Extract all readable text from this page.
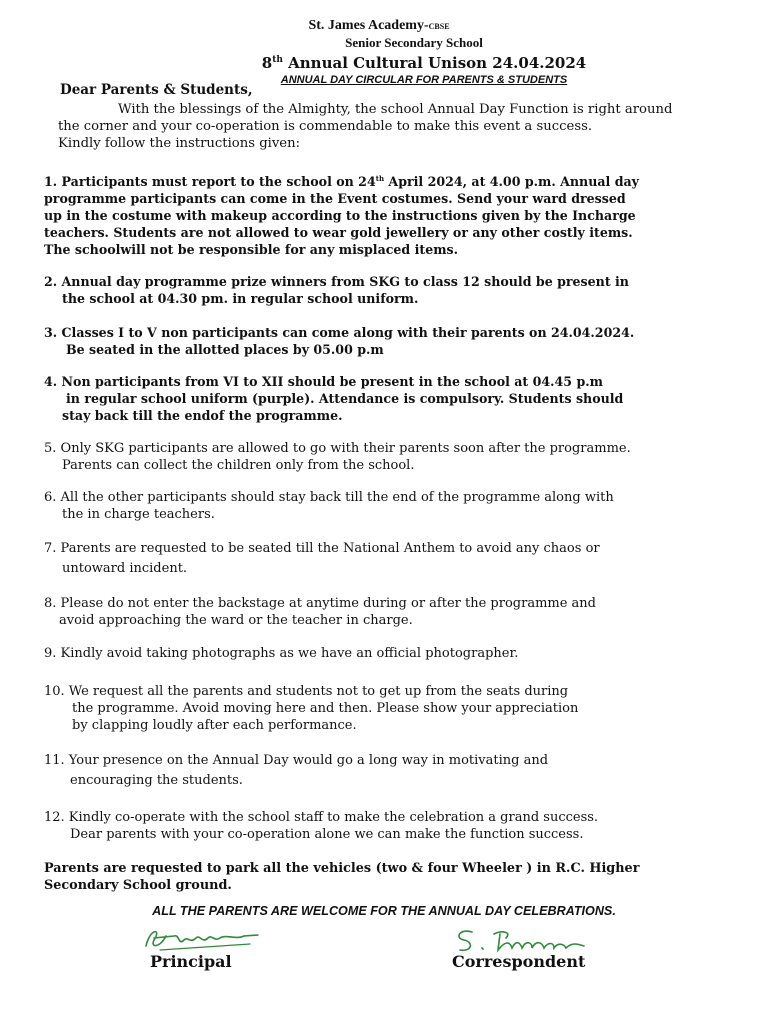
St. James Academy-CBSE
Senior Secondary School
8th Annual Cultural Unison 24.04.2024
ANNUAL DAY CIRCULAR FOR PARENTS & STUDENTS
Dear Parents & Students,

With the blessings of the Almighty, the school Annual Day Function is right around

the corner and your co-operation is commendable to make this event a success.

Kindly follow the instructions given:

1. Participants must report to the school on 24th April 2024, at 4.00 p.m. Annual day
programme participants can come in the Event costumes. Send your ward dressed
up in the costume with makeup according to the instructions given by the Incharge
teachers. Students are not allowed to wear gold jewellery or any other costly items.
The schoolwill not be responsible for any misplaced items.
2. Annual day programme prize winners from SKG to class 12 should be present in
the school at 04.30 pm. in regular school uniform.
3. Classes I to V non participants can come along with their parents on 24.04.2024.
Be seated in the allotted places by 05.00 p.m
4. Non participants from VI to XII should be present in the school at 04.45 p.m
in regular school uniform (purple). Attendance is compulsory. Students should
stay back till the endof the programme.
5. Only SKG participants are allowed to go with their parents soon after the programme.
Parents can collect the children only from the school.
6. All the other participants should stay back till the end of the programme along with
the in charge teachers.
7. Parents are requested to be seated till the National Anthem to avoid any chaos or
untoward incident.
8. Please do not enter the backstage at anytime during or after the programme and
avoid approaching the ward or the teacher in charge.
9. Kindly avoid taking photographs as we have an official photographer.
10. We request all the parents and students not to get up from the seats during
the programme. Avoid moving here and then. Please show your appreciation
by clapping loudly after each performance.
11. Your presence on the Annual Day would go a long way in motivating and
encouraging the students.
12. Kindly co-operate with the school staff to make the celebration a grand success.
Dear parents with your co-operation alone we can make the function success.
Parents are requested to park all the vehicles (two & four Wheeler ) in R.C. Higher
Secondary School ground.
ALL THE PARENTS ARE WELCOME FOR THE ANNUAL DAY CELEBRATIONS.
Principal	Correspondent
